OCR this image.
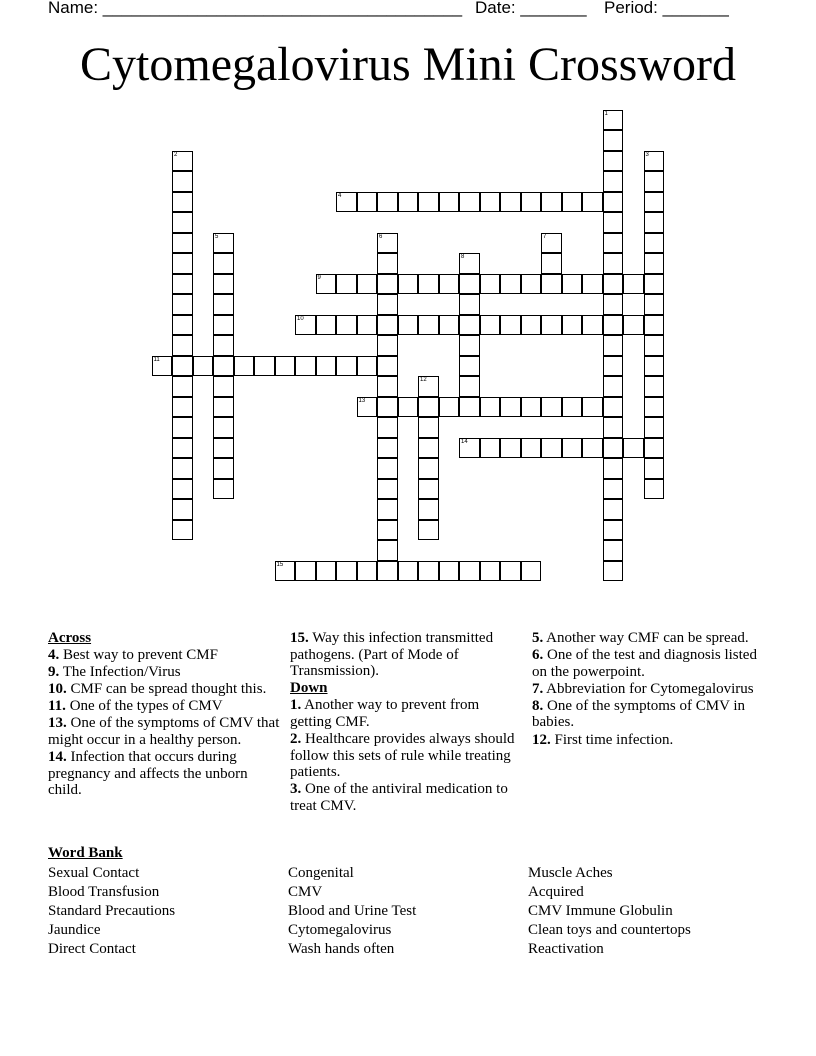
Name: ______________________________________

Date: _______

Period: _______

Cytomegalovirus Mini Crossword
1
2	3
4
5	6	7
8
9
10
11
12
13
14
15
Across
4. Best way to prevent CMF
9. The Infection/Virus
10. CMF can be spread thought this.
11. One of the types of CMV
13. One of the symptoms of CMV that might occur in a healthy person.
14. Infection that occurs during pregnancy and affects the unborn child.
15. Way this infection transmitted pathogens. (Part of Mode of Transmission).
Down
1. Another way to prevent from getting CMF.
2. Healthcare provides always should follow this sets of rule while treating patients.
3. One of the antiviral medication to treat CMV.
5. Another way CMF can be spread.
6. One of the test and diagnosis listed on the powerpoint.
7. Abbreviation for Cytomegalovirus
8. One of the symptoms of CMV in babies.
12. First time infection.
Word Bank
Sexual Contact
Blood Transfusion
Standard Precautions
Jaundice
Direct Contact
Congenital
CMV
Blood and Urine Test
Cytomegalovirus
Wash hands often
Muscle Aches
Acquired
CMV Immune Globulin
Clean toys and countertops
Reactivation
